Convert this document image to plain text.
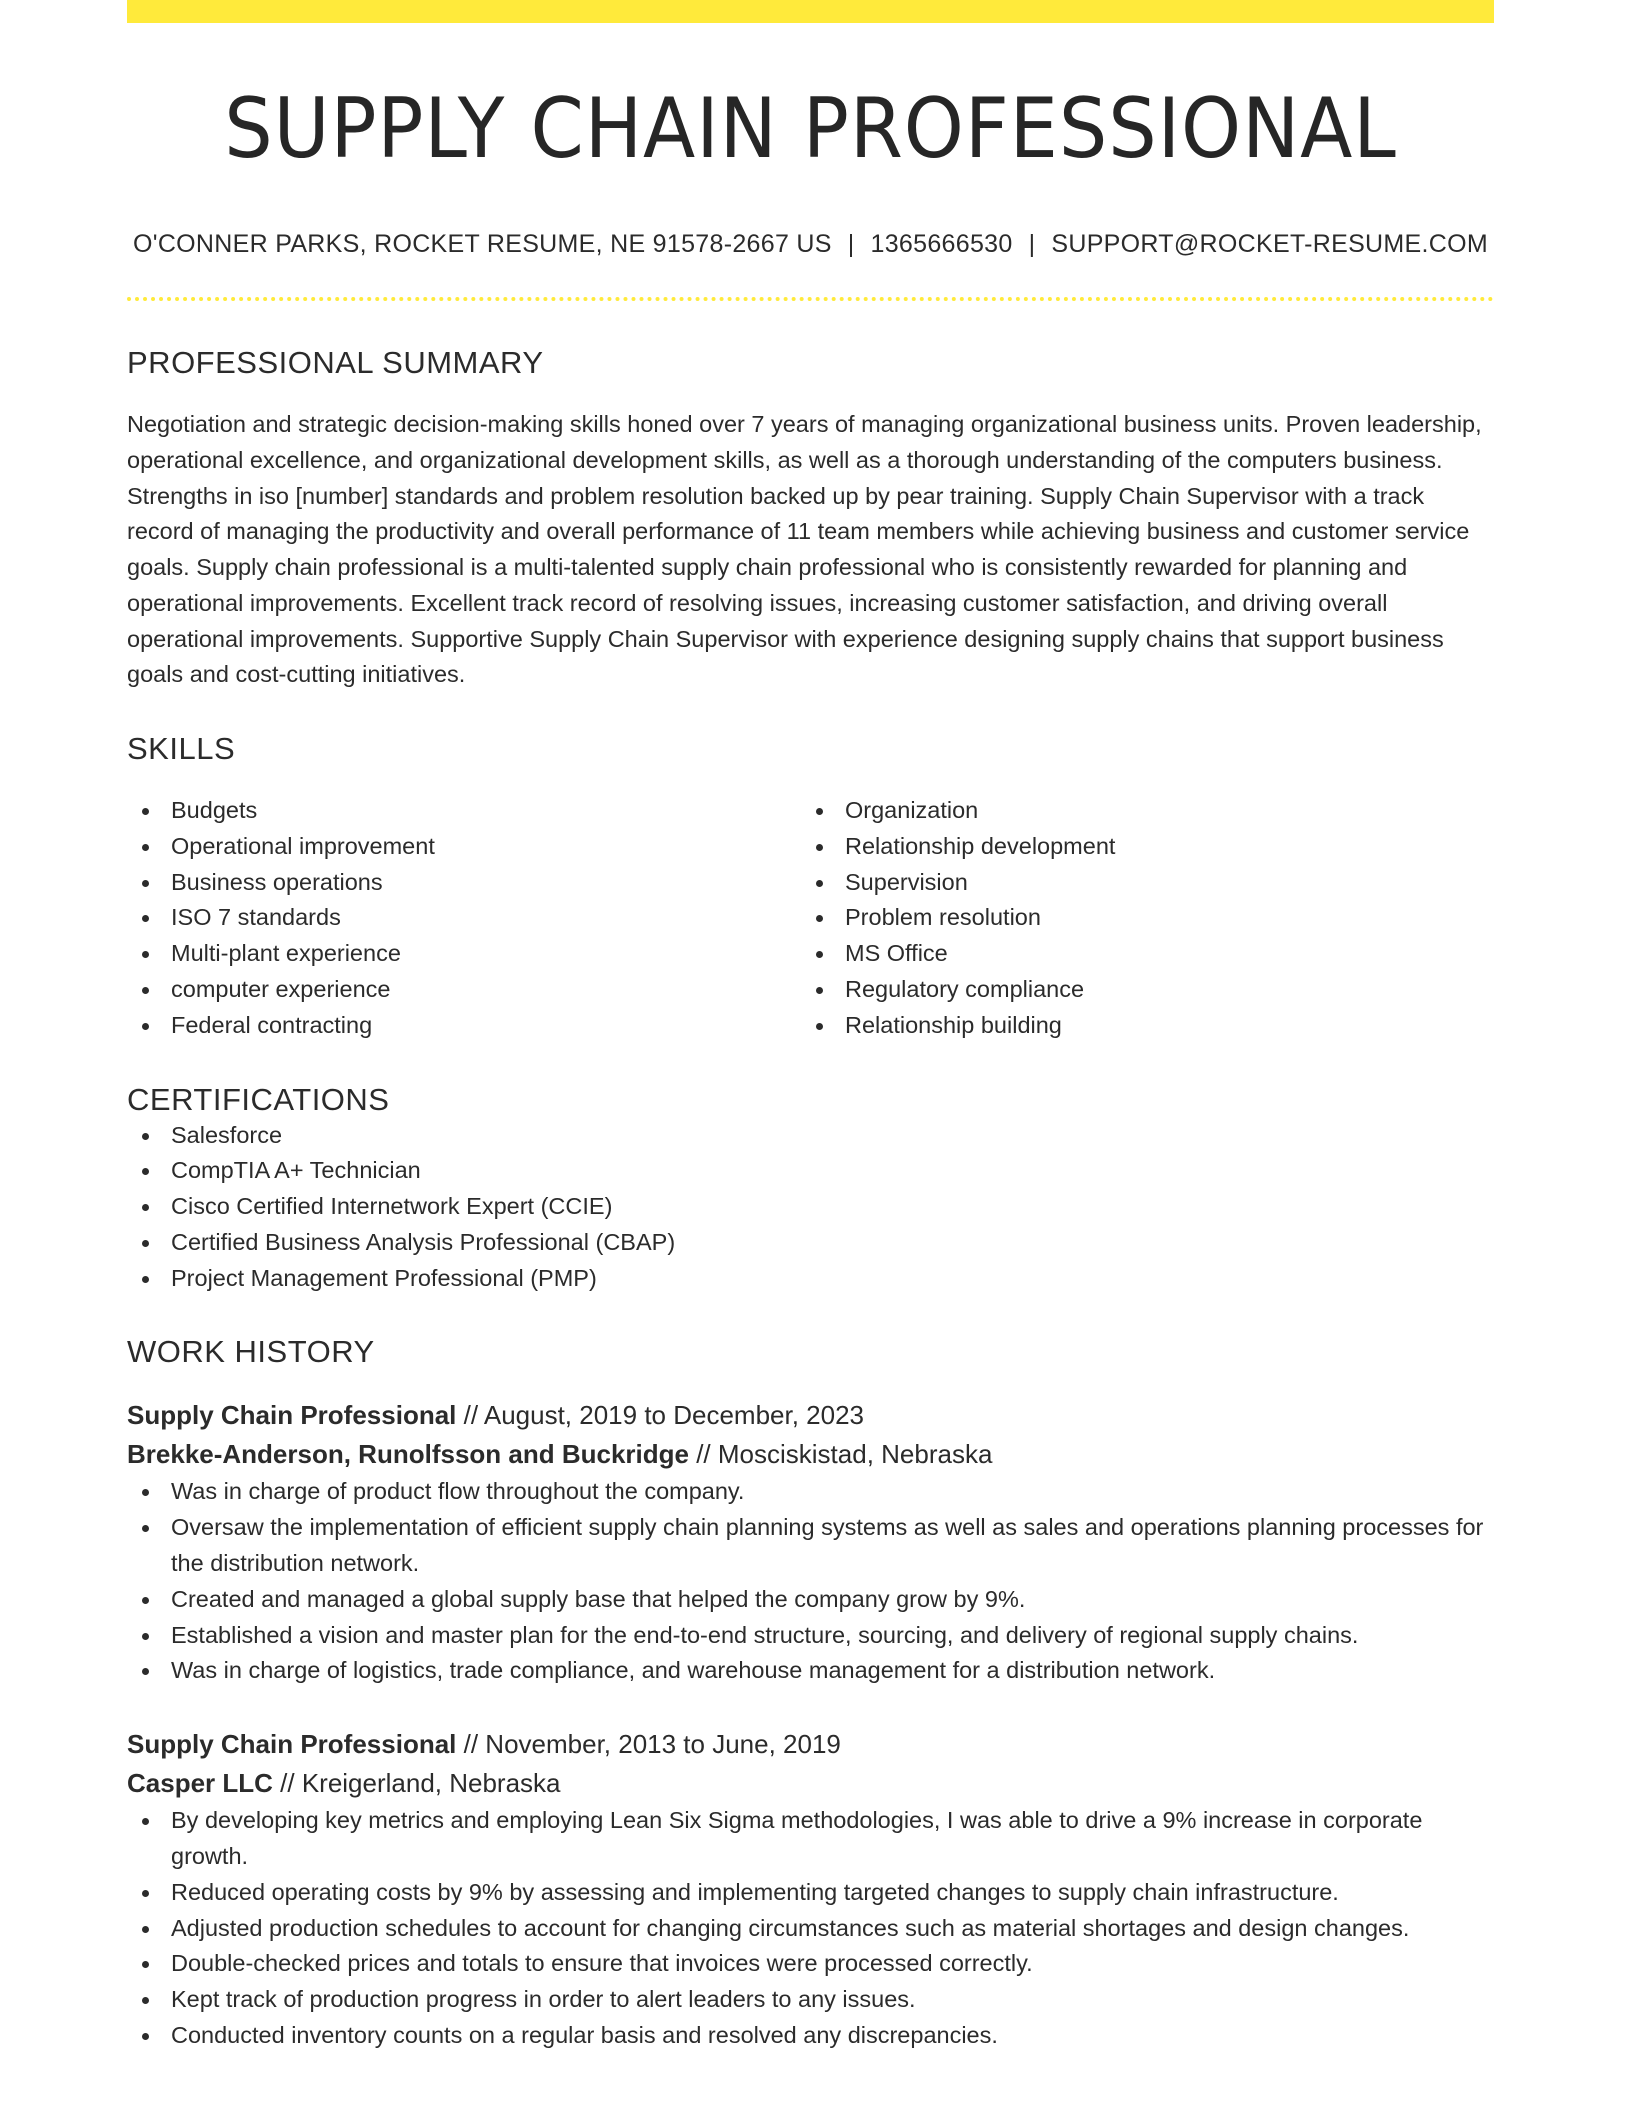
SUPPLY CHAIN PROFESSIONAL
O'CONNER PARKS, ROCKET RESUME, NE 91578-2667 US | 1365666530 | SUPPORT@ROCKET-RESUME.COM
PROFESSIONAL SUMMARY
Negotiation and strategic decision-making skills honed over 7 years of managing organizational business units. Proven leadership, operational excellence, and organizational development skills, as well as a thorough understanding of the computers business. Strengths in iso [number] standards and problem resolution backed up by pear training. Supply Chain Supervisor with a track record of managing the productivity and overall performance of 11 team members while achieving business and customer service goals. Supply chain professional is a multi-talented supply chain professional who is consistently rewarded for planning and operational improvements. Excellent track record of resolving issues, increasing customer satisfaction, and driving overall operational improvements. Supportive Supply Chain Supervisor with experience designing supply chains that support business goals and cost-cutting initiatives.
SKILLS
Budgets
Operational improvement
Business operations
ISO 7 standards
Multi-plant experience
computer experience
Federal contracting
Organization
Relationship development
Supervision
Problem resolution
MS Office
Regulatory compliance
Relationship building
CERTIFICATIONS
Salesforce
CompTIA A+ Technician
Cisco Certified Internetwork Expert (CCIE)
Certified Business Analysis Professional (CBAP)
Project Management Professional (PMP)
WORK HISTORY
Supply Chain Professional // August, 2019 to December, 2023
Brekke-Anderson, Runolfsson and Buckridge // Mosciskistad, Nebraska
Was in charge of product flow throughout the company.
Oversaw the implementation of efficient supply chain planning systems as well as sales and operations planning processes for the distribution network.
Created and managed a global supply base that helped the company grow by 9%.
Established a vision and master plan for the end-to-end structure, sourcing, and delivery of regional supply chains.
Was in charge of logistics, trade compliance, and warehouse management for a distribution network.
Supply Chain Professional // November, 2013 to June, 2019
Casper LLC // Kreigerland, Nebraska
By developing key metrics and employing Lean Six Sigma methodologies, I was able to drive a 9% increase in corporate growth.
Reduced operating costs by 9% by assessing and implementing targeted changes to supply chain infrastructure.
Adjusted production schedules to account for changing circumstances such as material shortages and design changes.
Double-checked prices and totals to ensure that invoices were processed correctly.
Kept track of production progress in order to alert leaders to any issues.
Conducted inventory counts on a regular basis and resolved any discrepancies.
